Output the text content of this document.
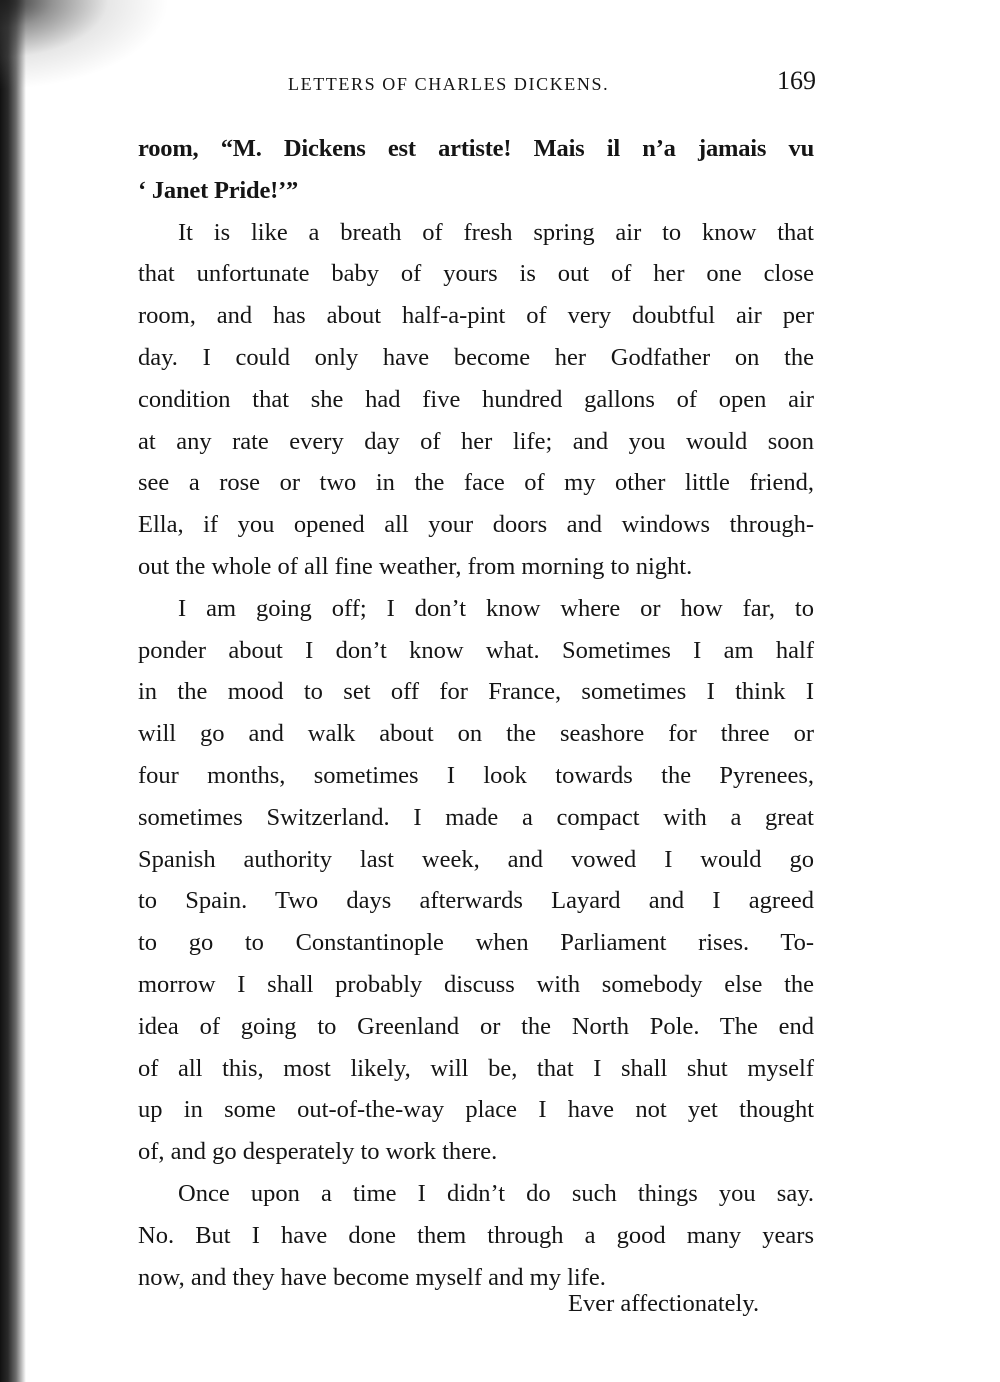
LETTERS OF CHARLES DICKENS.	169
room, “M. Dickens est artiste! Mais il n’a jamais vu
‘ Janet Pride!’”
It is like a breath of fresh spring air to know that
that unfortunate baby of yours is out of her one close
room, and has about half-a-pint of very doubtful air per
day. I could only have become her Godfather on the
condition that she had five hundred gallons of open air
at any rate every day of her life; and you would soon
see a rose or two in the face of my other little friend,
Ella, if you opened all your doors and windows through-
out the whole of all fine weather, from morning to night.
I am going off; I don’t know where or how far, to
ponder about I don’t know what. Sometimes I am half
in the mood to set off for France, sometimes I think I
will go and walk about on the seashore for three or
four months, sometimes I look towards the Pyrenees,
sometimes Switzerland. I made a compact with a great
Spanish authority last week, and vowed I would go
to Spain. Two days afterwards Layard and I agreed
to go to Constantinople when Parliament rises. To-
morrow I shall probably discuss with somebody else the
idea of going to Greenland or the North Pole. The end
of all this, most likely, will be, that I shall shut myself
up in some out-of-the-way place I have not yet thought
of, and go desperately to work there.
Once upon a time I didn’t do such things you say.
No. But I have done them through a good many years
now, and they have become myself and my life.
Ever affectionately.
